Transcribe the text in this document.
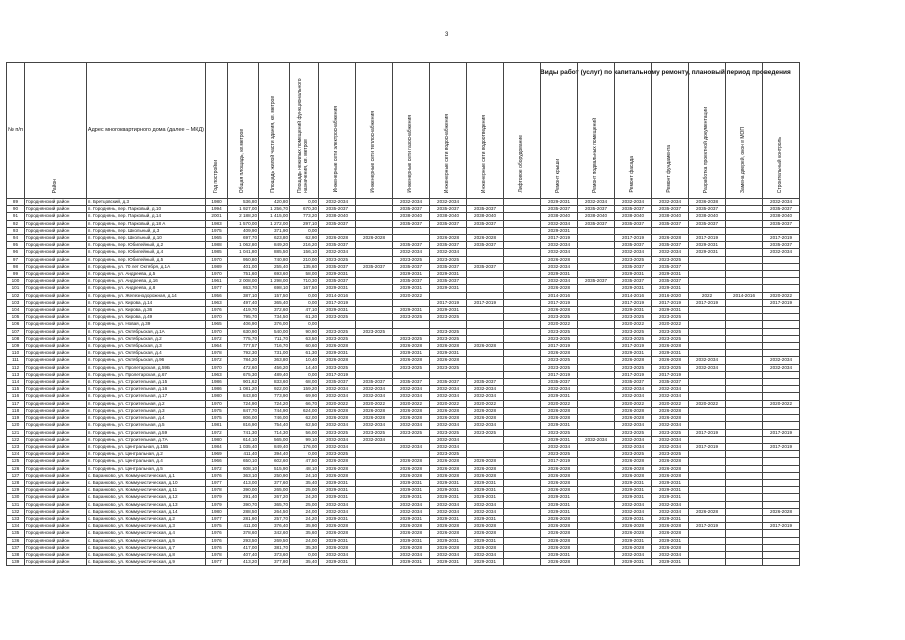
3
Виды работ (услуг) по капитальному ремонту, плановый период проведения
№ п/п	Район	Адрес многоквартирного дома (далее – МКД)	Год постройки	Общая площадь, кв.метров	Площадь жилой части здания, кв. метров	Площадь нежилых помещений функционального назначения, кв. метров	Инженерные сети электроснабжения	Инженерные сети теплоснабжения	Инженерные сети газоснабжения	Инженерные сети водоснабжения	Инженерные сети водоотведения	Лифтовое оборудование	Ремонт крыши	Ремонт подвальных помещений	Ремонт фасада	Ремонт фундамента	Разработка проектной документации	Замена дверей, окон в МОП	Строительный контроль
89	Городнянский район	п. Бретцовский, д.3	1980	536,80	420,80	0,00	2032-2034		2032-2034	2032-2034			2029-2031	2032-2034	2032-2034	2032-2034	2036-2038		2032-2034
90	Городнянский район	п. Городнянь, пер. Парковый, д.10	1994	1 927,00	1 256,70	670,30	2035-2037		2035-2037	2035-2037	2035-2037		2035-2037	2035-2037	2035-2037	2035-2037	2035-2037		2035-2037
91	Городнянский район	п. Городнянь, пер. Парковый, д.14	2001	2 188,20	1 415,00	773,20	2038-2040		2038-2040	2038-2040	2038-2040		2038-2040	2038-2040	2038-2040	2038-2040	2038-2040		2038-2040
92	Городнянский район	п. Городнянь, пер. Парковый, д.18 А	1983	1 570,00	1 272,00	297,10	2035-2037		2035-2037	2035-2037	2035-2037		2032-2034	2035-2037	2035-2037	2035-2037	2035-2037		2035-2037
93	Городнянский район	п. Городнянь, пер. Школьный, д.3	1975	409,90	371,90	0,00							2029-2031						
94	Городнянский район	п. Городнянь, пер. Школьный, д.10	1965	697,70	623,80	62,90	2026-2028	2026-2028		2026-2028	2026-2028		2017-2019		2017-2019	2026-2028	2017-2019		2017-2019
95	Городнянский район	п. Городнянь, пер. Юбилейный, д.2	1988	1 062,80	849,20	216,20	2035-2037		2035-2037	2035-2037	2035-2037		2032-2034		2035-2037	2035-2037	2029-2031		2035-2037
96	Городнянский район	п. Городнянь, пер. Юбилейный, д.4	1985	1 041,80	885,50	156,10	2032-2034		2032-2034	2032-2034			2032-2034		2032-2034	2032-2034	2029-2031		2032-2034
97	Городнянский район	п. Городнянь, пер. Юбилейный, д.5	1970	950,80	740,80	210,00	2023-2025		2023-2025	2023-2025			2026-2028		2023-2025	2023-2025			
98	Городнянский район	п. Городнянь, ул. 70 лет Октября, д.1А	1989	401,00	255,40	135,60	2035-2037	2035-2037	2035-2037	2035-2037	2035-2037		2032-2034		2035-2037	2035-2037			
99	Городнянский район	п. Городнянь, ул. Андреева, д.5	1970	751,60	693,60	58,00	2029-2031		2029-2031	2029-2031			2029-2031		2029-2031	2029-2031			
100	Городнянский район	п. Городнянь, ул. Андреева, д.16	1961	2 008,00	1 298,00	710,30	2035-2037		2035-2037	2035-2037			2032-2034	2035-2037	2035-2037	2035-2037			
101	Городнянский район	п. Городнянь, ул. Андреева, д.8	1977	863,70	698,10	167,50	2029-2031		2029-2031	2029-2031			2026-2028		2029-2031	2029-2031			
102	Городнянский район	п. Городнянь, ул. Железнодорожная, д.14	1956	387,10	157,50	0,00	2014-2016		2020-2022				2014-2016		2014-2016	2016-2020	2022	2014-2016	2020-2022
103	Городнянский район	п. Городнянь, ул. Кирова, д.14	1963	497,40	365,40	0,00	2017-2019			2017-2019	2017-2019		2017-2019		2017-2019	2017-2019	2017-2019		2017-2019
104	Городнянский район	п. Городнянь, ул. Кирова, д.36	1976	419,70	372,60	47,10	2029-2031		2029-2031	2029-2031			2026-2028		2029-2031	2029-2031			
105	Городнянский район	п. Городнянь, ул. Кирова, д.49	1970	795,70	734,50	61,20	2023-2025		2023-2025	2023-2025			2023-2025		2023-2025	2023-2025			
106	Городнянский район	п. Городнянь, ул. Новая, д.39	1965	406,90	376,00	0,00							2020-2022		2020-2022	2020-2022			
107	Городнянский район	п. Городнянь, ул. Октябрьская, д.1А	1970	630,90	540,00	90,90	2023-2025	2023-2025		2023-2025			2023-2025		2023-2025	2023-2025			
108	Городнянский район	п. Городнянь, ул. Октябрьская, д.2	1972	775,70	711,70	63,50	2023-2025		2023-2025	2023-2025			2023-2025		2023-2025	2023-2025			
109	Городнянский район	п. Городнянь, ул. Октябрьская, д.3	1964	777,57	716,70	60,60	2026-2028		2026-2028	2026-2028	2026-2028		2017-2019		2017-2019	2026-2028			
110	Городнянский район	п. Городнянь, ул. Октябрьская, д.4	1978	792,30	731,00	61,30	2029-2031		2029-2031	2029-2031			2026-2028		2029-2031	2029-2031			
111	Городнянский район	п. Городнянь, ул. Октябрьская, д.96	1972	784,20	363,80	10,40	2026-2028		2026-2028	2026-2028			2023-2025		2026-2028	2026-2028	2032-2034		2032-2034
112	Городнянский район	п. Городнянь, ул. Пролетарская, д.59Б	1970	472,60	456,20	14,40	2023-2025		2023-2025	2023-2025			2023-2025		2023-2025	2023-2025	2032-2034		2032-2034
113	Городнянский район	п. Городнянь, ул. Пролетарская, д.67	1963	675,30	489,40	0,00	2017-2019						2017-2019		2017-2019	2017-2019			
114	Городнянский район	п. Городнянь, ул. Строительная, д.15	1986	901,62	833,60	68,00	2035-2037	2035-2037	2035-2037	2035-2037	2035-2037		2035-2037		2035-2037	2035-2037			
115	Городнянский район	п. Городнянь, ул. Строительная, д.16	1986	1 081,20	922,00	159,20	2032-2034	2032-2034	2032-2034	2032-2034	2032-2034		2032-2034		2032-2034	2032-2034			
116	Городнянский район	п. Городнянь, ул. Строительная, д.17	1980	843,80	773,90	69,90	2032-2034	2032-2034	2032-2034	2032-2034	2032-2034		2029-2031		2032-2034	2032-2034			
117	Городнянский район	п. Городнянь, ул. Строительная, д.2	1970	724,90	724,20	66,70	2020-2022	2020-2022	2020-2022	2020-2022	2020-2022		2020-2022		2020-2022	2020-2022	2020-2022		2020-2022
118	Городнянский район	п. Городнянь, ул. Строительная, д.3	1975	847,70	744,90	624,00	2026-2028	2026-2028	2026-2028	2026-2028	2026-2028		2026-2028		2026-2028	2026-2028			
119	Городнянский район	п. Городнянь, ул. Строительная, д.4	1975	806,00	746,00	62,00	2026-2028	2026-2028	2026-2028	2026-2028	2026-2028		2026-2028		2026-2028	2026-2028			
120	Городнянский район	п. Городнянь, ул. Строительная, д.5	1981	816,90	754,40	62,50	2032-2034	2032-2034	2032-2034	2032-2034	2032-2034		2029-2031		2032-2034	2032-2034			
121	Городнянский район	п. Городнянь, ул. Строительная, д.59	1972	741,30	714,30	56,00	2023-2025	2023-2025	2023-2025	2023-2025	2023-2025		2023-2025		2023-2025	2023-2025	2017-2019		2017-2019
122	Городнянский район	п. Городнянь, ул. Строительная, д.7А	1980	614,10	565,00	99,10	2032-2034	2032-2034		2032-2034			2029-2031	2032-2034	2032-2034	2032-2034			
123	Городнянский район	п. Городнянь, ул. Центральная, д.15Б	1984	1 035,40	849,40	176,00	2032-2034		2032-2034	2032-2034			2032-2034		2032-2034	2032-2034	2017-2019		2017-2019
124	Городнянский район	п. Городнянь, ул. Центральная, д.2	1969	411,40	394,40	0,00	2023-2025			2023-2025			2023-2025		2023-2025	2023-2025			
125	Городнянский район	п. Городнянь, ул. Центральная, д.4	1966	650,10	602,60	47,50	2026-2028		2026-2028	2026-2028	2026-2028		2017-2019		2026-2028	2026-2028			
126	Городнянский район	п. Городнянь, ул. Центральная, д.5	1972	608,10	515,90	48,10	2026-2028		2026-2028	2026-2028	2026-2028		2026-2028		2026-2028	2026-2028			
127	Городнянский район	с. Баранково, ул. Коммунистическая, д.1	1976	363,10	250,90	24,10	2026-2028		2026-2028	2026-2028	2026-2028		2026-2028		2026-2028	2026-2028			
128	Городнянский район	с. Баранково, ул. Коммунистическая, д.10	1977	413,00	377,60	35,40	2029-2031		2029-2031	2029-2031	2029-2031		2026-2028		2029-2031	2029-2031			
129	Городнянский район	с. Баранково, ул. Коммунистическая, д.11	1978	390,00	265,00	25,00	2029-2031		2029-2031	2029-2031	2029-2031		2026-2028		2029-2031	2029-2031			
130	Городнянский район	с. Баранково, ул. Коммунистическая, д.12	1979	291,40	267,20	24,20	2029-2031		2029-2031	2029-2031	2029-2031		2029-2031		2029-2031	2029-2031			
131	Городнянский район	с. Баранково, ул. Коммунистическая, д.13	1979	390,70	365,70	25,00	2032-2034		2032-2034	2032-2034	2032-2034		2029-2031		2032-2034	2032-2034			
132	Городнянский район	с. Баранково, ул. Коммунистическая, д.14	1980	288,50	264,50	24,00	2032-2034		2032-2034	2032-2034	2032-2034		2029-2031		2032-2034	2032-2034	2026-2028		2026-2028
133	Городнянский район	с. Баранково, ул. Коммунистическая, д.2	1977	281,90	257,70	24,20	2029-2031		2029-2031	2029-2031	2029-2031		2026-2028		2029-2031	2029-2031			
134	Городнянский район	с. Баранково, ул. Коммунистическая, д.3	1975	411,00	376,40	35,90	2026-2028		2026-2028	2026-2028	2026-2028		2026-2028		2026-2028	2026-2028	2017-2019		2017-2019
135	Городнянский район	с. Баранково, ул. Коммунистическая, д.4	1976	378,60	342,60	35,60	2026-2028		2026-2028	2026-2028	2026-2028		2026-2028		2026-2028	2026-2028			
136	Городнянский район	с. Баранково, ул. Коммунистическая, д.5	1976	293,50	269,50	24,00	2029-2031		2029-2031	2029-2031	2029-2031		2026-2028		2029-2031	2029-2031			
137	Городнянский район	с. Баранково, ул. Коммунистическая, д.7	1976	417,00	381,70	35,30	2026-2028		2026-2028	2026-2028	2026-2028		2026-2028		2026-2028	2026-2028			
138	Городнянский район	с. Баранково, ул. Коммунистическая, д.8	1978	407,40	373,60	0,00	2032-2034		2032-2034	2032-2034	2032-2034		2029-2031		2032-2034	2032-2034			
139	Городнянский район	с. Баранково, ул. Коммунистическая, д.9	1977	413,20	377,80	35,40	2029-2031		2029-2031	2029-2031	2029-2031		2026-2028		2029-2031	2029-2031			
